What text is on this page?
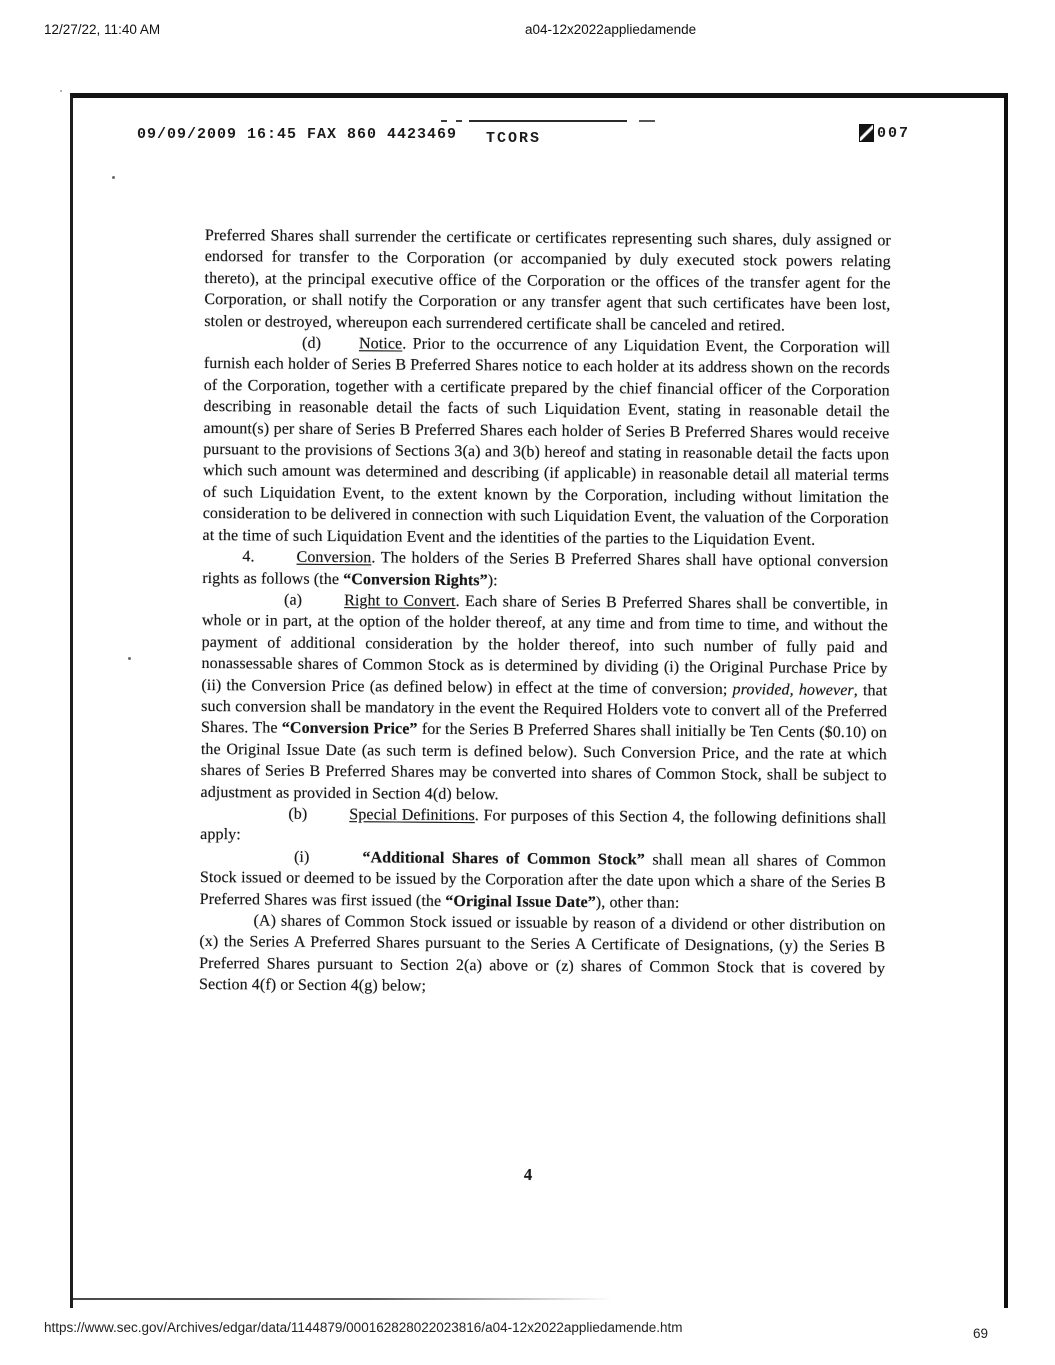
12/27/22, 11:40 AM	a04-12x2022appliedamende
09/09/2009 16:45 FAX 860 4423469 TCORS	007

Preferred Shares shall surrender the certificate or certificates representing such shares, duly assigned or endorsed for transfer to the Corporation (or accompanied by duly executed stock powers relating thereto), at the principal executive office of the Corporation or the offices of the transfer agent for the Corporation, or shall notify the Corporation or any transfer agent that such certificates have been lost, stolen or destroyed, whereupon each surrendered certificate shall be canceled and retired.

(d) Notice. Prior to the occurrence of any Liquidation Event, the Corporation will furnish each holder of Series B Preferred Shares notice to each holder at its address shown on the records of the Corporation, together with a certificate prepared by the chief financial officer of the Corporation describing in reasonable detail the facts of such Liquidation Event, stating in reasonable detail the amount(s) per share of Series B Preferred Shares each holder of Series B Preferred Shares would receive pursuant to the provisions of Sections 3(a) and 3(b) hereof and stating in reasonable detail the facts upon which such amount was determined and describing (if applicable) in reasonable detail all material terms of such Liquidation Event, to the extent known by the Corporation, including without limitation the consideration to be delivered in connection with such Liquidation Event, the valuation of the Corporation at the time of such Liquidation Event and the identities of the parties to the Liquidation Event.

4.	Conversion. The holders of the Series B Preferred Shares shall have optional conversion rights as follows (the “Conversion Rights”):

(a)	Right to Convert. Each share of Series B Preferred Shares shall be convertible, in whole or in part, at the option of the holder thereof, at any time and from time to time, and without the payment of additional consideration by the holder thereof, into such number of fully paid and nonassessable shares of Common Stock as is determined by dividing (i) the Original Purchase Price by (ii) the Conversion Price (as defined below) in effect at the time of conversion; provided, however, that such conversion shall be mandatory in the event the Required Holders vote to convert all of the Preferred Shares. The “Conversion Price” for the Series B Preferred Shares shall initially be Ten Cents ($0.10) on the Original Issue Date (as such term is defined below). Such Conversion Price, and the rate at which shares of Series B Preferred Shares may be converted into shares of Common Stock, shall be subject to adjustment as provided in Section 4(d) below.

(b)	Special Definitions. For purposes of this Section 4, the following definitions shall apply:

(i)	“Additional Shares of Common Stock” shall mean all shares of Common Stock issued or deemed to be issued by the Corporation after the date upon which a share of the Series B Preferred Shares was first issued (the “Original Issue Date”), other than:

(A) shares of Common Stock issued or issuable by reason of a dividend or other distribution on (x) the Series A Preferred Shares pursuant to the Series A Certificate of Designations, (y) the Series B Preferred Shares pursuant to Section 2(a) above or (z) shares of Common Stock that is covered by Section 4(f) or Section 4(g) below;

4
https://www.sec.gov/Archives/edgar/data/1144879/000162828022023816/a04-12x2022appliedamende.htm	69
